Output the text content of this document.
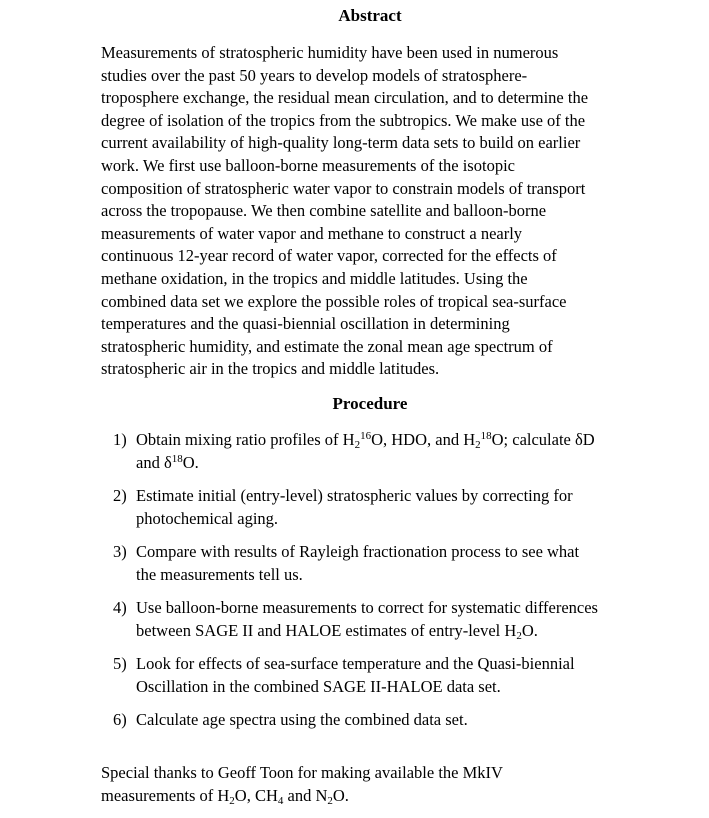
Abstract
Measurements of stratospheric humidity have been used in numerous
studies over the past 50 years to develop models of stratosphere-
troposphere exchange, the residual mean circulation, and to determine the
degree of isolation of the tropics from the subtropics. We make use of the
current availability of high-quality long-term data sets to build on earlier
work. We first use balloon-borne measurements of the isotopic
composition of stratospheric water vapor to constrain models of transport
across the tropopause. We then combine satellite and balloon-borne
measurements of water vapor and methane to construct a nearly
continuous 12-year record of water vapor, corrected for the effects of
methane oxidation, in the tropics and middle latitudes. Using the
combined data set we explore the possible roles of tropical sea-surface
temperatures and the quasi-biennial oscillation in determining
stratospheric humidity, and estimate the zonal mean age spectrum of
stratospheric air in the tropics and middle latitudes.
Procedure
1) Obtain mixing ratio profiles of $H_2^{16}O$, HDO, and $H_2^{18}O$; calculate δD
and $\delta^{18}O$.
2) Estimate initial (entry-level) stratospheric values by correcting for
photochemical aging.
3) Compare with results of Rayleigh fractionation process to see what
the measurements tell us.
4) Use balloon-borne measurements to correct for systematic differences
between SAGE II and HALOE estimates of entry-level $H_2O$.
5) Look for effects of sea-surface temperature and the Quasi-biennial
Oscillation in the combined SAGE II-HALOE data set.
6) Calculate age spectra using the combined data set.
Special thanks to Geoff Toon for making available the MkIV
measurements of $H_2O$, $CH_4$ and $N_2O$.
